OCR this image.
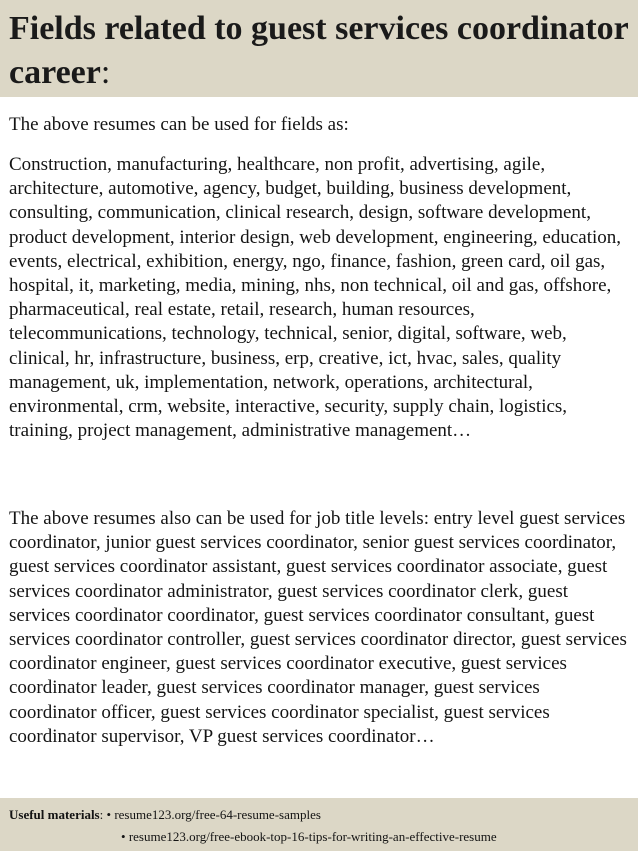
Fields related to guest services coordinator career:

The above resumes can be used for fields as:

Construction, manufacturing, healthcare, non profit, advertising, agile, architecture, automotive, agency, budget, building, business development, consulting, communication, clinical research, design, software development, product development, interior design, web development, engineering, education, events, electrical, exhibition, energy, ngo, finance, fashion, green card, oil gas, hospital, it, marketing, media, mining, nhs, non technical, oil and gas, offshore, pharmaceutical, real estate, retail, research, human resources, telecommunications, technology, technical, senior, digital, software, web, clinical, hr, infrastructure, business, erp, creative, ict, hvac, sales, quality management, uk, implementation, network, operations, architectural, environmental, crm, website, interactive, security, supply chain, logistics, training, project management, administrative management…

The above resumes also can be used for job title levels: entry level guest services coordinator, junior guest services coordinator, senior guest services coordinator, guest services coordinator assistant, guest services coordinator associate, guest services coordinator administrator, guest services coordinator clerk, guest services coordinator coordinator, guest services coordinator consultant, guest services coordinator controller, guest services coordinator director, guest services coordinator engineer, guest services coordinator executive, guest services coordinator leader, guest services coordinator manager, guest services coordinator officer, guest services coordinator specialist, guest services coordinator supervisor, VP guest services coordinator…

Useful materials: • resume123.org/free-64-resume-samples
• resume123.org/free-ebook-top-16-tips-for-writing-an-effective-resume
